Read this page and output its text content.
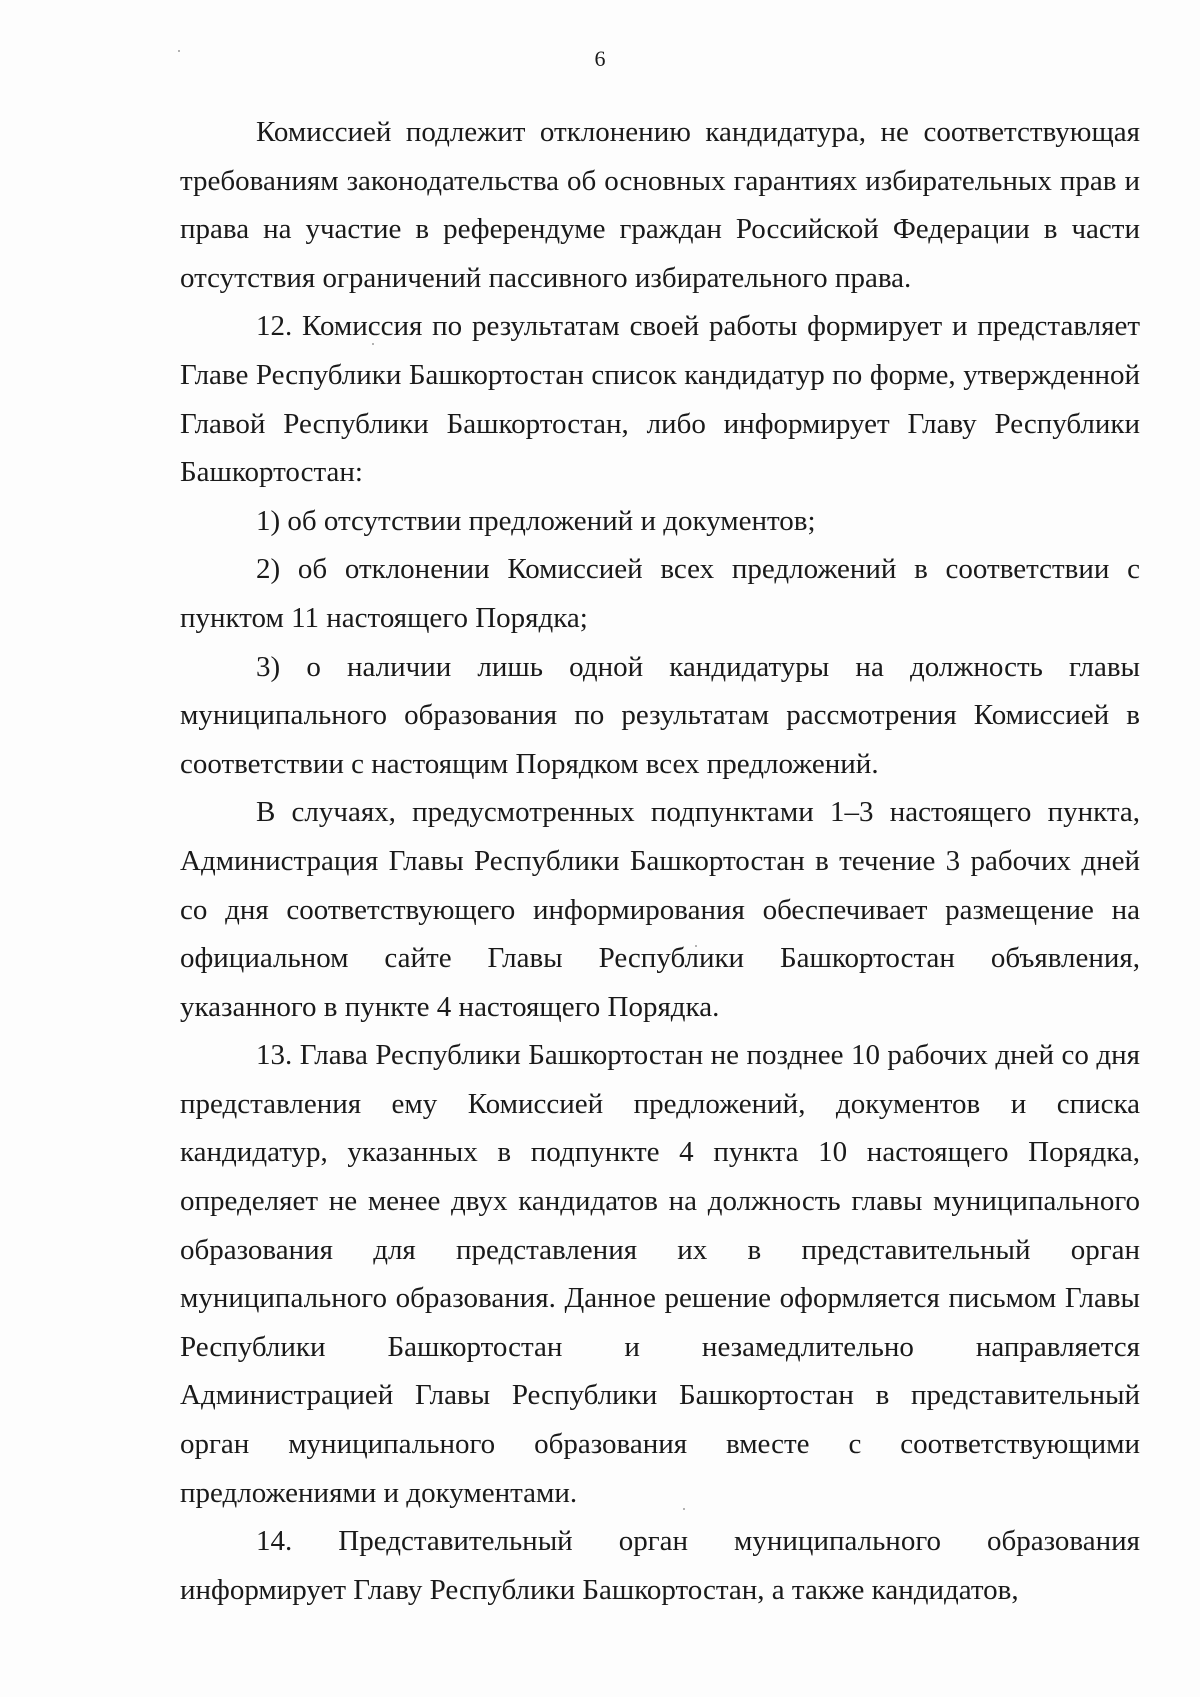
6

Комиссией подлежит отклонению кандидатура, не соответствующая требованиям законодательства об основных гарантиях избирательных прав и права на участие в референдуме граждан Российской Федерации в части отсутствия ограничений пассивного избирательного права.

12. Комиссия по результатам своей работы формирует и представляет Главе Республики Башкортостан список кандидатур по форме, утвержденной Главой Республики Башкортостан, либо информирует Главу Республики Башкортостан:

1) об отсутствии предложений и документов;

2) об отклонении Комиссией всех предложений в соответствии с пунктом 11 настоящего Порядка;

3) о наличии лишь одной кандидатуры на должность главы муниципального образования по результатам рассмотрения Комиссией в соответствии с настоящим Порядком всех предложений.

В случаях, предусмотренных подпунктами 1–3 настоящего пункта, Администрация Главы Республики Башкортостан в течение 3 рабочих дней со дня соответствующего информирования обеспечивает размещение на официальном сайте Главы Республики Башкортостан объявления, указанного в пункте 4 настоящего Порядка.

13. Глава Республики Башкортостан не позднее 10 рабочих дней со дня представления ему Комиссией предложений, документов и списка кандидатур, указанных в подпункте 4 пункта 10 настоящего Порядка, определяет не менее двух кандидатов на должность главы муниципального образования для представления их в представительный орган муниципального образования. Данное решение оформляется письмом Главы Республики Башкортостан и незамедлительно направляется Администрацией Главы Республики Башкортостан в представительный орган муниципального образования вместе с соответствующими предложениями и документами.

14. Представительный орган муниципального образования информирует Главу Республики Башкортостан, а также кандидатов,
